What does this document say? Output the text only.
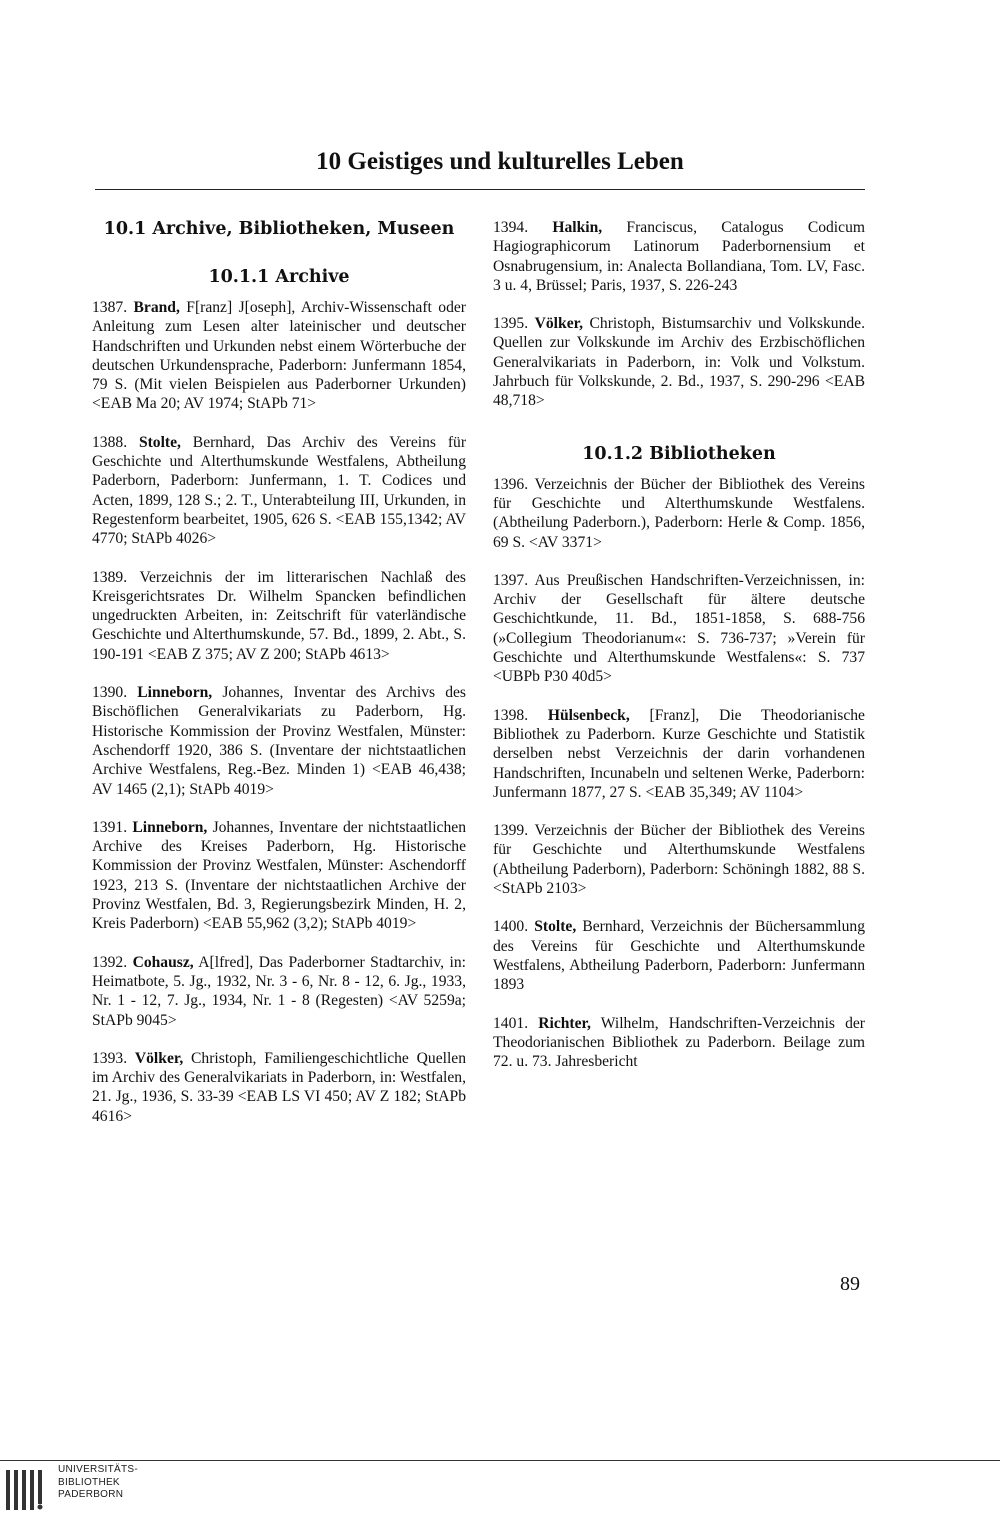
10 Geistiges und kulturelles Leben
10.1 Archive, Bibliotheken, Museen
10.1.1 Archive

1387. Brand, F[ranz] J[oseph], Archiv-Wissenschaft oder Anleitung zum Lesen alter lateinischer und deutscher Handschriften und Urkunden nebst einem Wörterbuche der deutschen Urkundensprache, Paderborn: Junfermann 1854, 79 S. (Mit vielen Beispielen aus Paderborner Urkunden) <EAB Ma 20; AV 1974; StAPb 71>

1388. Stolte, Bernhard, Das Archiv des Vereins für Geschichte und Alterthumskunde Westfalens, Abtheilung Paderborn, Paderborn: Junfermann, 1. T. Codices und Acten, 1899, 128 S.; 2. T., Unterabteilung III, Urkunden, in Regestenform bearbeitet, 1905, 626 S. <EAB 155,1342; AV 4770; StAPb 4026>

1389. Verzeichnis der im litterarischen Nachlaß des Kreisgerichtsrates Dr. Wilhelm Spancken befindlichen ungedruckten Arbeiten, in: Zeitschrift für vaterländische Geschichte und Alterthumskunde, 57. Bd., 1899, 2. Abt., S. 190-191 <EAB Z 375; AV Z 200; StAPb 4613>

1390. Linneborn, Johannes, Inventar des Archivs des Bischöflichen Generalvikariats zu Paderborn, Hg. Historische Kommission der Provinz Westfalen, Münster: Aschendorff 1920, 386 S. (Inventare der nichtstaatlichen Archive Westfalens, Reg.-Bez. Minden 1) <EAB 46,438; AV 1465 (2,1); StAPb 4019>

1391. Linneborn, Johannes, Inventare der nichtstaatlichen Archive des Kreises Paderborn, Hg. Historische Kommission der Provinz Westfalen, Münster: Aschendorff 1923, 213 S. (Inventare der nichtstaatlichen Archive der Provinz Westfalen, Bd. 3, Regierungsbezirk Minden, H. 2, Kreis Paderborn) <EAB 55,962 (3,2); StAPb 4019>

1392. Cohausz, A[lfred], Das Paderborner Stadtarchiv, in: Heimatbote, 5. Jg., 1932, Nr. 3 - 6, Nr. 8 - 12, 6. Jg., 1933, Nr. 1 - 12, 7. Jg., 1934, Nr. 1 - 8 (Regesten) <AV 5259a; StAPb 9045>

1393. Völker, Christoph, Familiengeschichtliche Quellen im Archiv des Generalvikariats in Paderborn, in: Westfalen, 21. Jg., 1936, S. 33-39 <EAB LS VI 450; AV Z 182; StAPb 4616>

1394. Halkin, Franciscus, Catalogus Codicum Hagiographicorum Latinorum Paderbornensium et Osnabrugensium, in: Analecta Bollandiana, Tom. LV, Fasc. 3 u. 4, Brüssel; Paris, 1937, S. 226-243

1395. Völker, Christoph, Bistumsarchiv und Volkskunde. Quellen zur Volkskunde im Archiv des Erzbischöflichen Generalvikariats in Paderborn, in: Volk und Volkstum. Jahrbuch für Volkskunde, 2. Bd., 1937, S. 290-296 <EAB 48,718>

10.1.2 Bibliotheken

1396. Verzeichnis der Bücher der Bibliothek des Vereins für Geschichte und Alterthumskunde Westfalens. (Abtheilung Paderborn.), Paderborn: Herle & Comp. 1856, 69 S. <AV 3371>

1397. Aus Preußischen Handschriften-Verzeichnissen, in: Archiv der Gesellschaft für ältere deutsche Geschichtkunde, 11. Bd., 1851-1858, S. 688-756 (»Collegium Theodorianum«: S. 736-737; »Verein für Geschichte und Alterthumskunde Westfalens«: S. 737 <UBPb P30 40d5>

1398. Hülsenbeck, [Franz], Die Theodorianische Bibliothek zu Paderborn. Kurze Geschichte und Statistik derselben nebst Verzeichnis der darin vorhandenen Handschriften, Incunabeln und seltenen Werke, Paderborn: Junfermann 1877, 27 S. <EAB 35,349; AV 1104>

1399. Verzeichnis der Bücher der Bibliothek des Vereins für Geschichte und Alterthumskunde Westfalens (Abtheilung Paderborn), Paderborn: Schöningh 1882, 88 S. <StAPb 2103>

1400. Stolte, Bernhard, Verzeichnis der Büchersammlung des Vereins für Geschichte und Alterthumskunde Westfalens, Abtheilung Paderborn, Paderborn: Junfermann 1893

1401. Richter, Wilhelm, Handschriften-Verzeichnis der Theodorianischen Bibliothek zu Paderborn. Beilage zum 72. u. 73. Jahresbericht

89
UNIVERSITÄTS-
BIBLIOTHEK
PADERBORN
